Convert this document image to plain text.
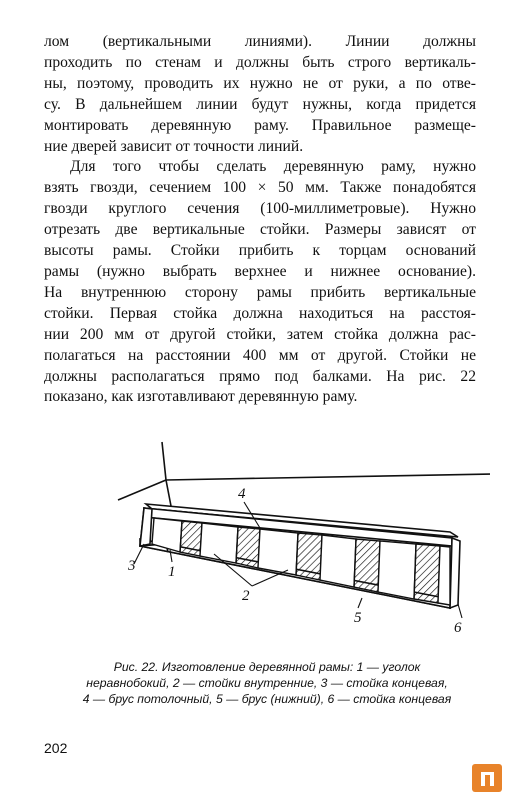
лом (вертикальными линиями). Линии должны
проходить по стенам и должны быть строго вертикаль-
ны, поэтому, проводить их нужно не от руки, а по отве-
су. В дальнейшем линии будут нужны, когда придется
монтировать деревянную раму. Правильное размеще-
ние дверей зависит от точности линий.

Для того чтобы сделать деревянную раму, нужно
взять гвозди, сечением 100 × 50 мм. Также понадобятся
гвозди круглого сечения (100-миллиметровые). Нужно
отрезать две вертикальные стойки. Размеры зависят от
высоты рамы. Стойки прибить к торцам оснований
рамы (нужно выбрать верхнее и нижнее основание).
На внутреннюю сторону рамы прибить вертикальные
стойки. Первая стойка должна находиться на расстоя-
нии 200 мм от другой стойки, затем стойка должна рас-
полагаться на расстоянии 400 мм от другой. Стойки не
должны располагаться прямо под балками. На рис. 22
показано, как изготавливают деревянную раму.

4
3 1
2
5
6
Рис. 22. Изготовление деревянной рамы: 1 — уголок
неравнобокий, 2 — стойки внутренние, 3 — стойка концевая,
4 — брус потолочный, 5 — брус (нижний), 6 — стойка концевая
202
